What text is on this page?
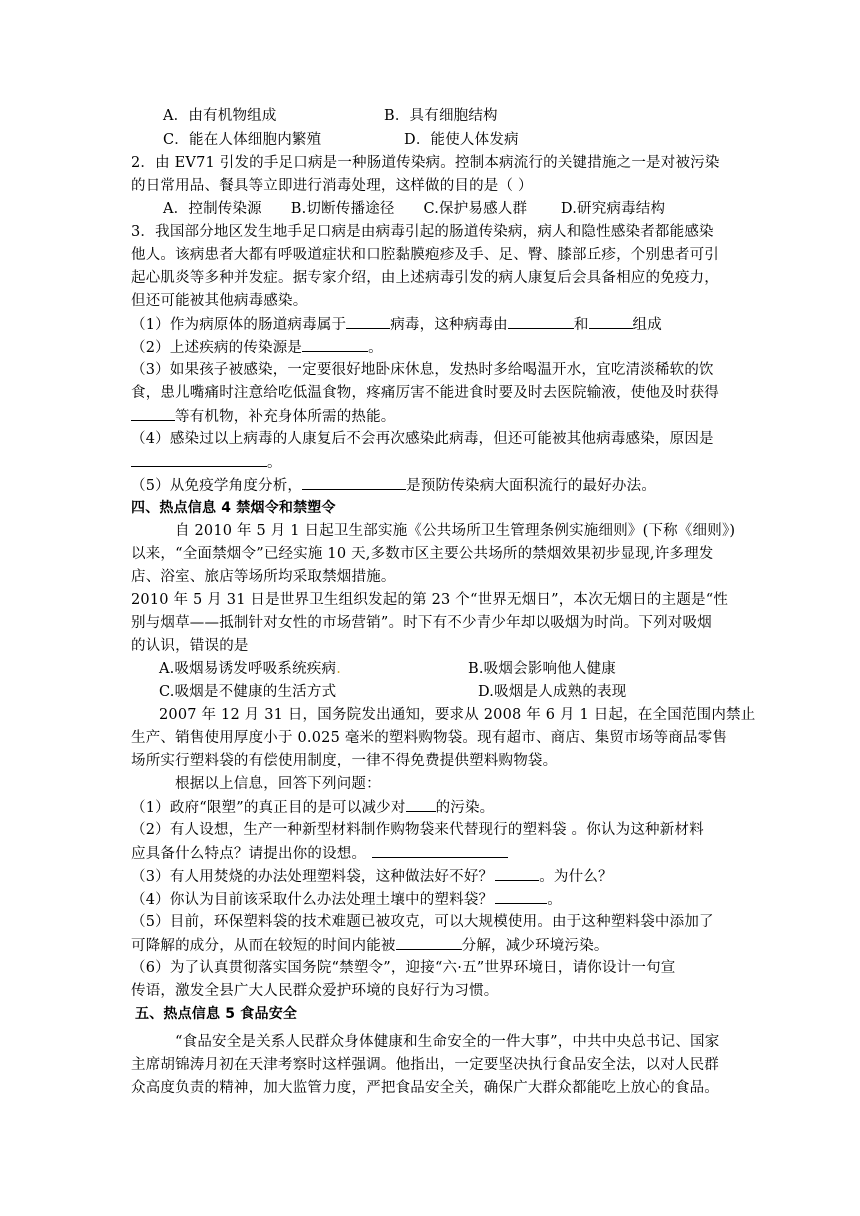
A．由有机物组成	B．具有细胞结构
C．能在人体细胞内繁殖	D．能使人体发病
2．由 EV71 引发的手足口病是一种肠道传染病。控制本病流行的关键措施之一是对被污染
的日常用品、餐具等立即进行消毒处理，这样做的目的是（ ）
A．控制传染源      B.切断传播途径      C.保护易感人群       D.研究病毒结构
3．我国部分地区发生地手足口病是由病毒引起的肠道传染病，病人和隐性感染者都能感染
他人。该病患者大都有呼吸道症状和口腔黏膜疱疹及手、足、臀、膝部丘疹，个别患者可引
起心肌炎等多种并发症。据专家介绍，由上述病毒引发的病人康复后会具备相应的免疫力，
但还可能被其他病毒感染。
（1）作为病原体的肠道病毒属于	病毒，这种病毒由	和	组成
（2）上述疾病的传染源是	。
（3）如果孩子被感染，一定要很好地卧床休息，发热时多给喝温开水，宜吃清淡稀软的饮
食，患儿嘴痛时注意给吃低温食物，疼痛厉害不能进食时要及时去医院输液，使他及时获得
等有机物，补充身体所需的热能。
（4）感染过以上病毒的人康复后不会再次感染此病毒，但还可能被其他病毒感染，原因是
。
（5）从免疫学角度分析，	是预防传染病大面积流行的最好办法。
四、热点信息 4 禁烟令和禁塑令
自 2010 年 5 月 1 日起卫生部实施《公共场所卫生管理条例实施细则》(下称《细则》)
以来，“全面禁烟令”已经实施 10 天,多数市区主要公共场所的禁烟效果初步显现,许多理发
店、浴室、旅店等场所均采取禁烟措施。
2010 年 5 月 31 日是世界卫生组织发起的第 23 个“世界无烟日”，本次无烟日的主题是“性
别与烟草——抵制针对女性的市场营销”。时下有不少青少年却以吸烟为时尚。下列对吸烟
的认识，错误的是
A.吸烟易诱发呼吸系统疾病.	B.吸烟会影响他人健康
C.吸烟是不健康的生活方式	D.吸烟是人成熟的表现
2007 年 12 月 31 日，国务院发出通知，要求从 2008 年 6 月 1 日起，在全国范围内禁止
生产、销售使用厚度小于 0.025 毫米的塑料购物袋。现有超市、商店、集贸市场等商品零售
场所实行塑料袋的有偿使用制度，一律不得免费提供塑料购物袋。
根据以上信息，回答下列问题：
（1）政府“限塑”的真正目的是可以减少对 的污染。
（2）有人设想，生产一种新型材料制作购物袋来代替现行的塑料袋 。你认为这种新材料
应具备什么特点？请提出你的设想。
（3）有人用焚烧的办法处理塑料袋，这种做法好不好？	。为什么？
（4）你认为目前该采取什么办法处理土壤中的塑料袋？	。
（5）目前，环保塑料袋的技术难题已被攻克，可以大规模使用。由于这种塑料袋中添加了
可降解的成分，从而在较短的时间内能被	分解，减少环境污染。
（6）为了认真贯彻落实国务院“禁塑令”，迎接“六·五”世界环境日，请你设计一句宣
传语，激发全县广大人民群众爱护环境的良好行为习惯。
五、热点信息 5 食品安全
“食品安全是关系人民群众身体健康和生命安全的一件大事”，中共中央总书记、国家
主席胡锦涛月初在天津考察时这样强调。他指出，一定要坚决执行食品安全法，以对人民群
众高度负责的精神，加大监管力度，严把食品安全关，确保广大群众都能吃上放心的食品。
